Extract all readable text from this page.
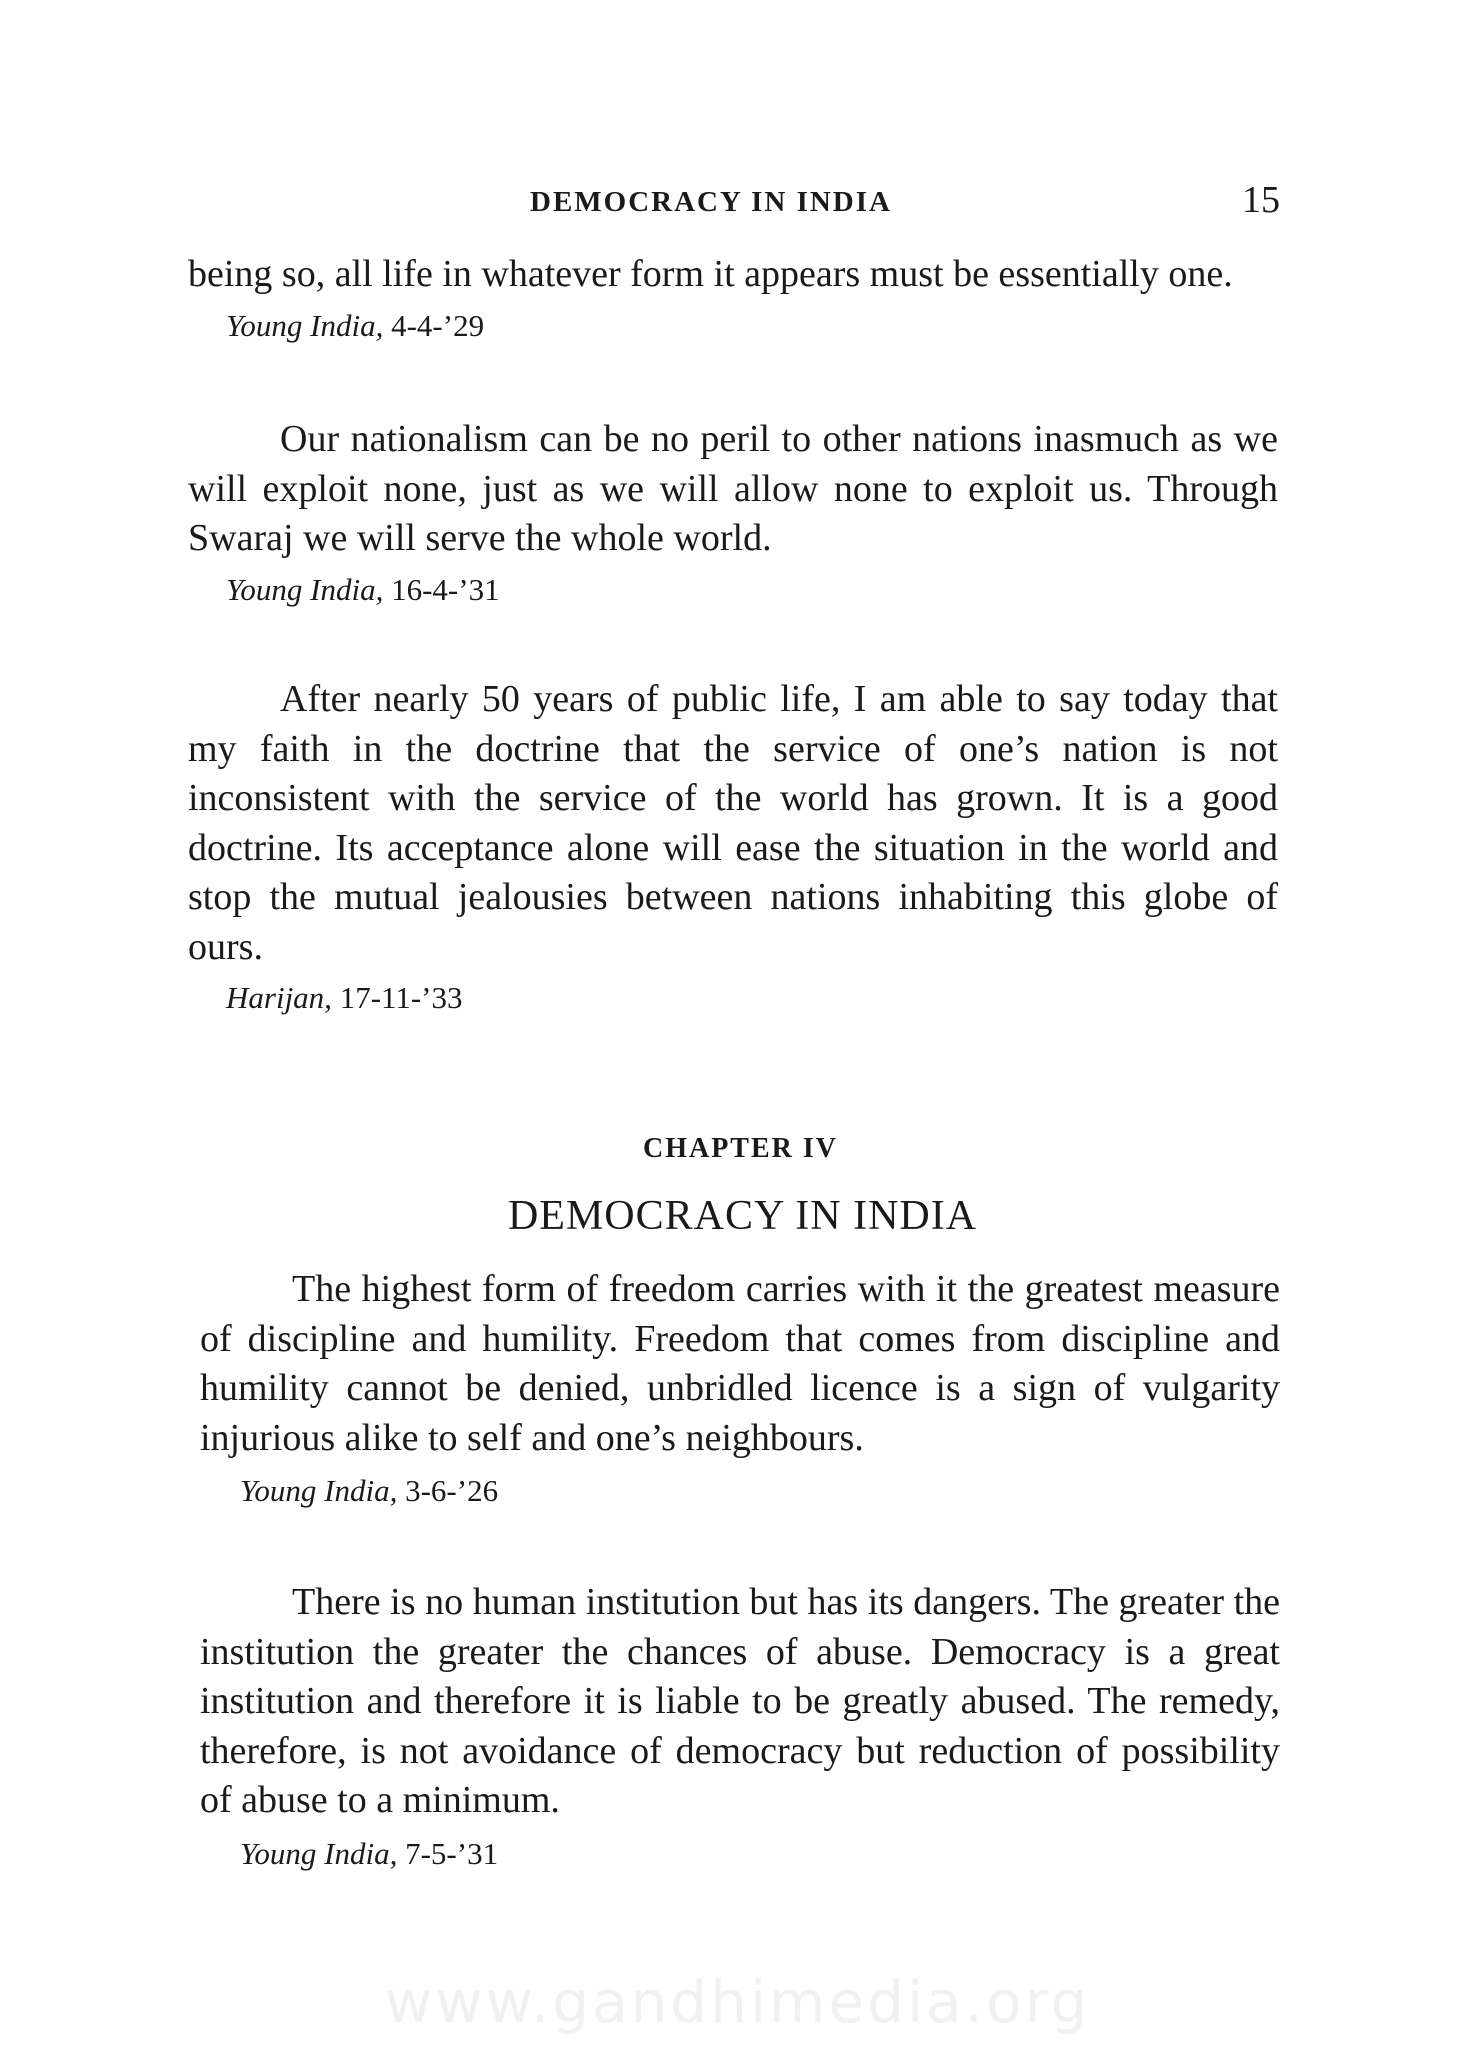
DEMOCRACY IN INDIA	15

being so, all life in whatever form it appears must be essentially one.

Young India, 4-4-’29

Our nationalism can be no peril to other nations inasmuch as we will exploit none, just as we will allow none to exploit us. Through Swaraj we will serve the whole world.

Young India, 16-4-’31

After nearly 50 years of public life, I am able to say today that my faith in the doctrine that the service of one’s nation is not inconsistent with the service of the world has grown. It is a good doctrine. Its acceptance alone will ease the situation in the world and stop the mutual jealousies between nations inhabiting this globe of ours.

Harijan, 17-11-’33

CHAPTER IV
DEMOCRACY IN INDIA

The highest form of freedom carries with it the greatest measure of discipline and humility. Freedom that comes from discipline and humility cannot be denied, unbridled licence is a sign of vulgarity injurious alike to self and one’s neighbours.

Young India, 3-6-’26

There is no human institution but has its dangers. The greater the institution the greater the chances of abuse. Democracy is a great institution and therefore it is liable to be greatly abused. The remedy, therefore, is not avoidance of democracy but reduction of possibility of abuse to a minimum.

Young India, 7-5-’31

www.gandhimedia.org
